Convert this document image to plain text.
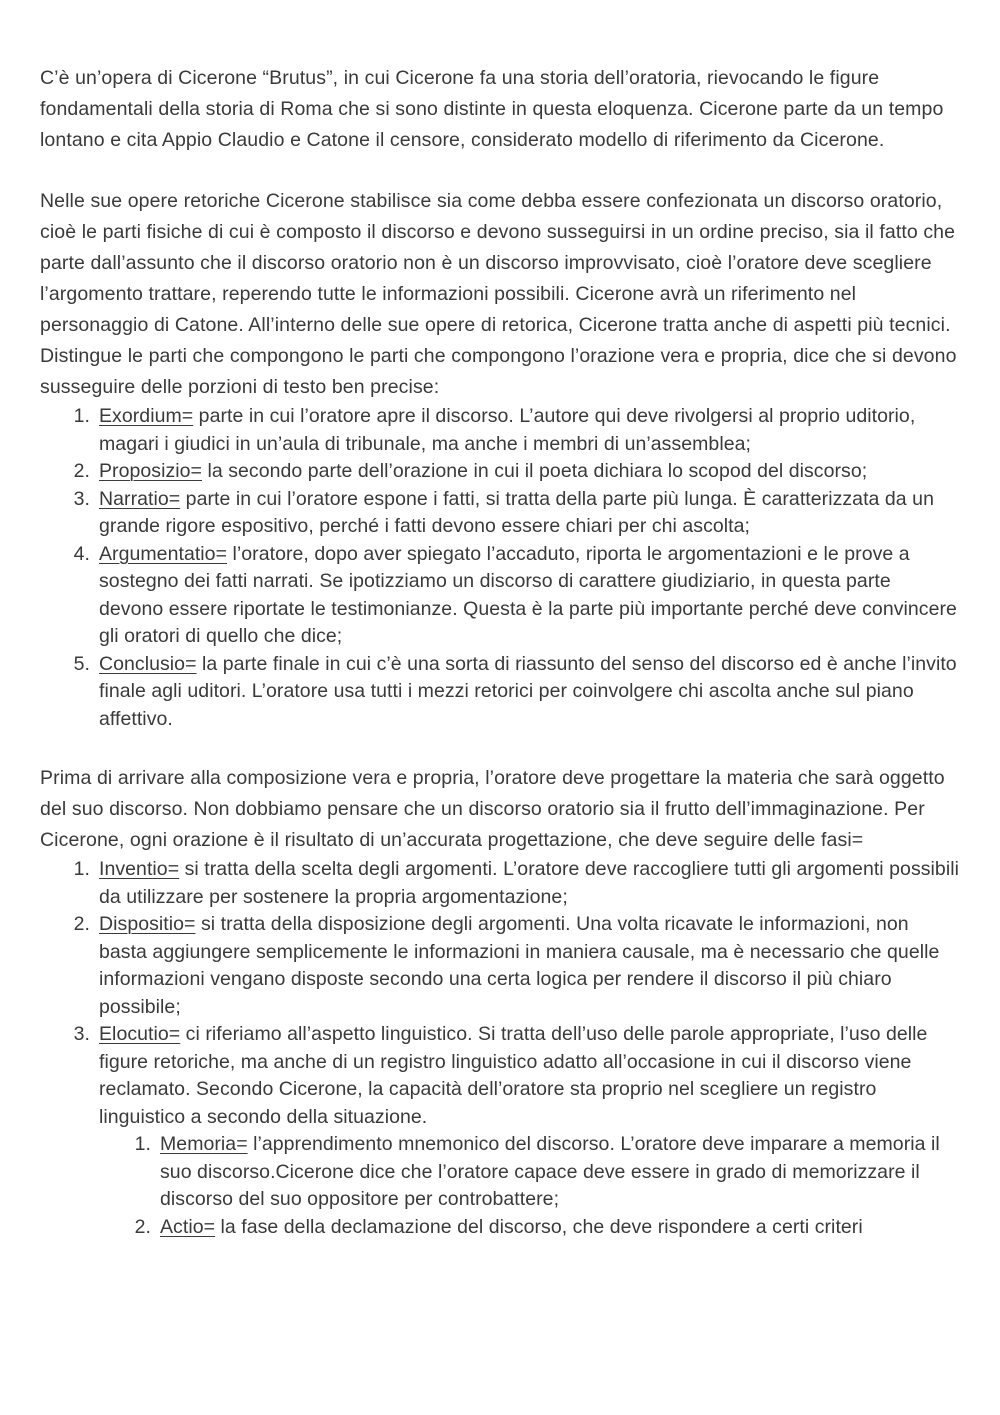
C’è un’opera di Cicerone “Brutus”, in cui Cicerone fa una storia dell’oratoria, rievocando le figure fondamentali della storia di Roma che si sono distinte in questa eloquenza. Cicerone parte da un tempo lontano e cita Appio Claudio e Catone il censore, considerato modello di riferimento da Cicerone.

Nelle sue opere retoriche Cicerone stabilisce sia come debba essere confezionata un discorso oratorio, cioè le parti fisiche di cui è composto il discorso e devono susseguirsi in un ordine preciso, sia il fatto che parte dall’assunto che il discorso oratorio non è un discorso improvvisato, cioè l’oratore deve scegliere l’argomento trattare, reperendo tutte le informazioni possibili. Cicerone avrà un riferimento nel personaggio di Catone. All’interno delle sue opere di retorica, Cicerone tratta anche di aspetti più tecnici. Distingue le parti che compongono le parti che compongono l’orazione vera e propria, dice che si devono susseguire delle porzioni di testo ben precise:

1. Exordium= parte in cui l’oratore apre il discorso. L’autore qui deve rivolgersi al proprio uditorio, magari i giudici in un’aula di tribunale, ma anche i membri di un’assemblea;
2. Proposizio= la secondo parte dell’orazione in cui il poeta dichiara lo scopod del discorso;
3. Narratio= parte in cui l’oratore espone i fatti, si tratta della parte più lunga. È caratterizzata da un grande rigore espositivo, perché i fatti devono essere chiari per chi ascolta;
4. Argumentatio= l’oratore, dopo aver spiegato l’accaduto, riporta le argomentazioni e le prove a sostegno dei fatti narrati. Se ipotizziamo un discorso di carattere giudiziario, in questa parte devono essere riportate le testimonianze. Questa è la parte più importante perché deve convincere gli oratori di quello che dice;
5. Conclusio= la parte finale in cui c’è una sorta di riassunto del senso del discorso ed è anche l’invito finale agli uditori. L’oratore usa tutti i mezzi retorici per coinvolgere chi ascolta anche sul piano affettivo.

Prima di arrivare alla composizione vera e propria, l’oratore deve progettare la materia che sarà oggetto del suo discorso. Non dobbiamo pensare che un discorso oratorio sia il frutto dell’immaginazione. Per Cicerone, ogni orazione è il risultato di un’accurata progettazione, che deve seguire delle fasi=

1. Inventio= si tratta della scelta degli argomenti. L’oratore deve raccogliere tutti gli argomenti possibili da utilizzare per sostenere la propria argomentazione;
2. Dispositio= si tratta della disposizione degli argomenti. Una volta ricavate le informazioni, non basta aggiungere semplicemente le informazioni in maniera causale, ma è necessario che quelle informazioni vengano disposte secondo una certa logica per rendere il discorso il più chiaro possibile;
3. Elocutio= ci riferiamo all’aspetto linguistico. Si tratta dell’uso delle parole appropriate, l’uso delle figure retoriche, ma anche di un registro linguistico adatto all’occasione in cui il discorso viene reclamato. Secondo Cicerone, la capacità dell’oratore sta proprio nel scegliere un registro linguistico a secondo della situazione.
1. Memoria= l’apprendimento mnemonico del discorso. L’oratore deve imparare a memoria il suo discorso.Cicerone dice che l’oratore capace deve essere in grado di memorizzare il discorso del suo oppositore per controbattere;
2. Actio= la fase della declamazione del discorso, che deve rispondere a certi criteri
